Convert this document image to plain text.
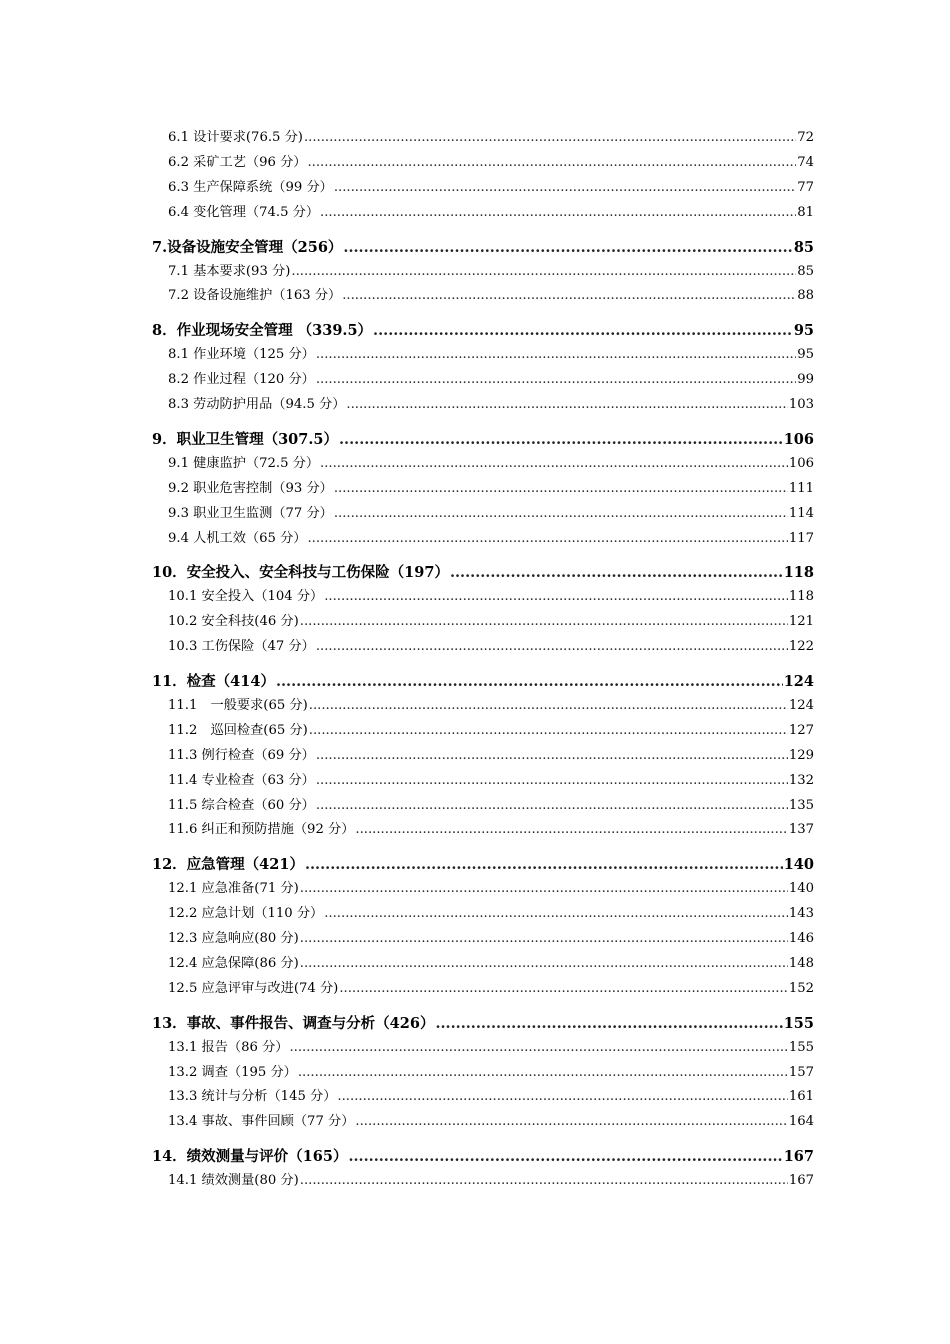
6.1 设计要求(76.5 分) .....	72
6.2 采矿工艺（96 分） .....	74
6.3 生产保障系统（99 分） .....	77
6.4 变化管理（74.5 分） .....	81
7.设备设施安全管理（256） .....	85
7.1 基本要求(93 分) .....	85
7.2 设备设施维护（163 分） .....	88
8．作业现场安全管理 （339.5） .....	95
8.1 作业环境（125 分） .....	95
8.2 作业过程（120 分） .....	99
8.3 劳动防护用品（94.5 分） .....	103
9．职业卫生管理（307.5） .....	106
9.1 健康监护（72.5 分） .....	106
9.2 职业危害控制（93 分） .....	111
9.3 职业卫生监测（77 分） .....	114
9.4 人机工效（65 分） .....	117
10．安全投入、安全科技与工伤保险（197） .....	118
10.1 安全投入（104 分） .....	118
10.2 安全科技(46 分) .....	121
10.3 工伤保险（47 分） .....	122
11．检查（414） .....	124
11.1　一般要求(65 分) .....	124
11.2　巡回检查(65 分) .....	127
11.3 例行检查（69 分） .....	129
11.4 专业检查（63 分） .....	132
11.5 综合检查（60 分） .....	135
11.6 纠正和预防措施（92 分） .....	137
12．应急管理（421） .....	140
12.1 应急准备(71 分) .....	140
12.2 应急计划（110 分） .....	143
12.3 应急响应(80 分) .....	146
12.4 应急保障(86 分) .....	148
12.5 应急评审与改进(74 分) .....	152
13．事故、事件报告、调查与分析（426） .....	155
13.1 报告（86 分） .....	155
13.2 调查（195 分） .....	157
13.3 统计与分析（145 分） .....	161
13.4 事故、事件回顾（77 分） .....	164
14．绩效测量与评价（165） .....	167
14.1 绩效测量(80 分) .....	167
